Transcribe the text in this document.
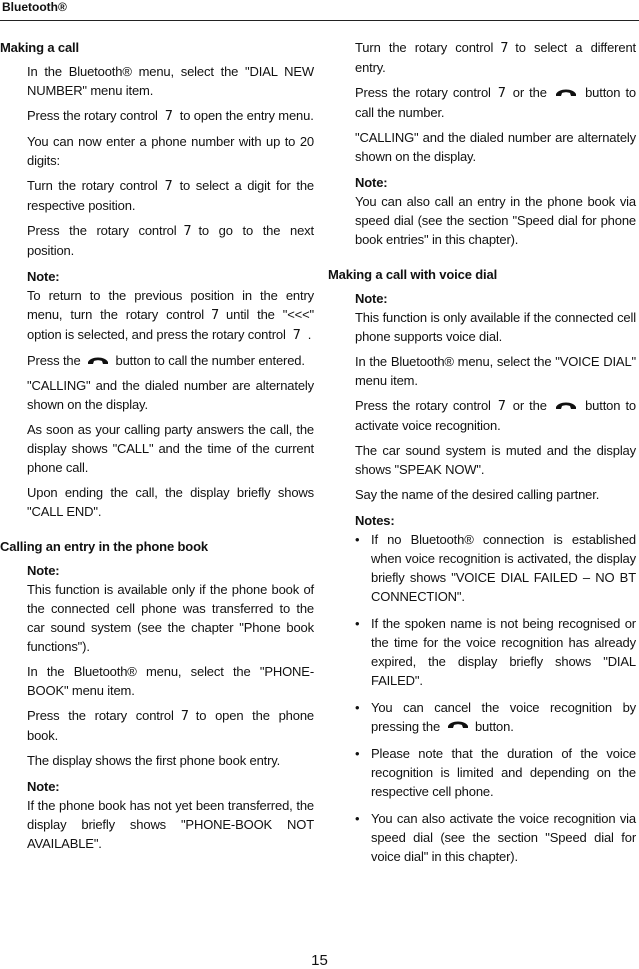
Bluetooth®
Making a call

In the Bluetooth® menu, select the "DIAL NEW NUMBER" menu item.

Press the rotary control 7 to open the entry menu.

You can now enter a phone number with up to 20 digits:

Turn the rotary control 7 to select a digit for the respective position.

Press the rotary control 7 to go to the next position.

Note:

To return to the previous position in the entry menu, turn the rotary control 7 until the "<<<" option is selected, and press the rotary control 7 .

Press the	button to call the number entered.

"CALLING" and the dialed number are alternately shown on the display.

As soon as your calling party answers the call, the display shows "CALL" and the time of the current phone call.

Upon ending the call, the display briefly shows "CALL END".

Calling an entry in the phone book

Note:

This function is available only if the phone book of the connected cell phone was transferred to the car sound system (see the chapter "Phone book functions").

In the Bluetooth® menu, select the "PHONE-BOOK" menu item.

Press the rotary control 7 to open the phone book.

The display shows the first phone book entry.

Note:

If the phone book has not yet been transferred, the display briefly shows "PHONE-BOOK NOT AVAILABLE".

Turn the rotary control 7 to select a different entry.

Press the rotary control 7 or the	button to call the number.

"CALLING" and the dialed number are alternately shown on the display.

Note:

You can also call an entry in the phone book via speed dial (see the section "Speed dial for phone book entries" in this chapter).

Making a call with voice dial

Note:

This function is only available if the connected cell phone supports voice dial.

In the Bluetooth® menu, select the "VOICE DIAL" menu item.

Press the rotary control 7 or the	button to activate voice recognition.

The car sound system is muted and the display shows "SPEAK NOW".

Say the name of the desired calling partner.

Notes:

• If no Bluetooth® connection is established when voice recognition is activated, the display briefly shows "VOICE DIAL FAILED – NO BT CONNECTION".
• If the spoken name is not being recognised or the time for the voice recognition has already expired, the display briefly shows "DIAL FAILED".
• You can cancel the voice recognition by pressing the	button.
• Please note that the duration of the voice recognition is limited and depending on the respective cell phone.
• You can also activate the voice recognition via speed dial (see the section "Speed dial for voice dial" in this chapter).
15
